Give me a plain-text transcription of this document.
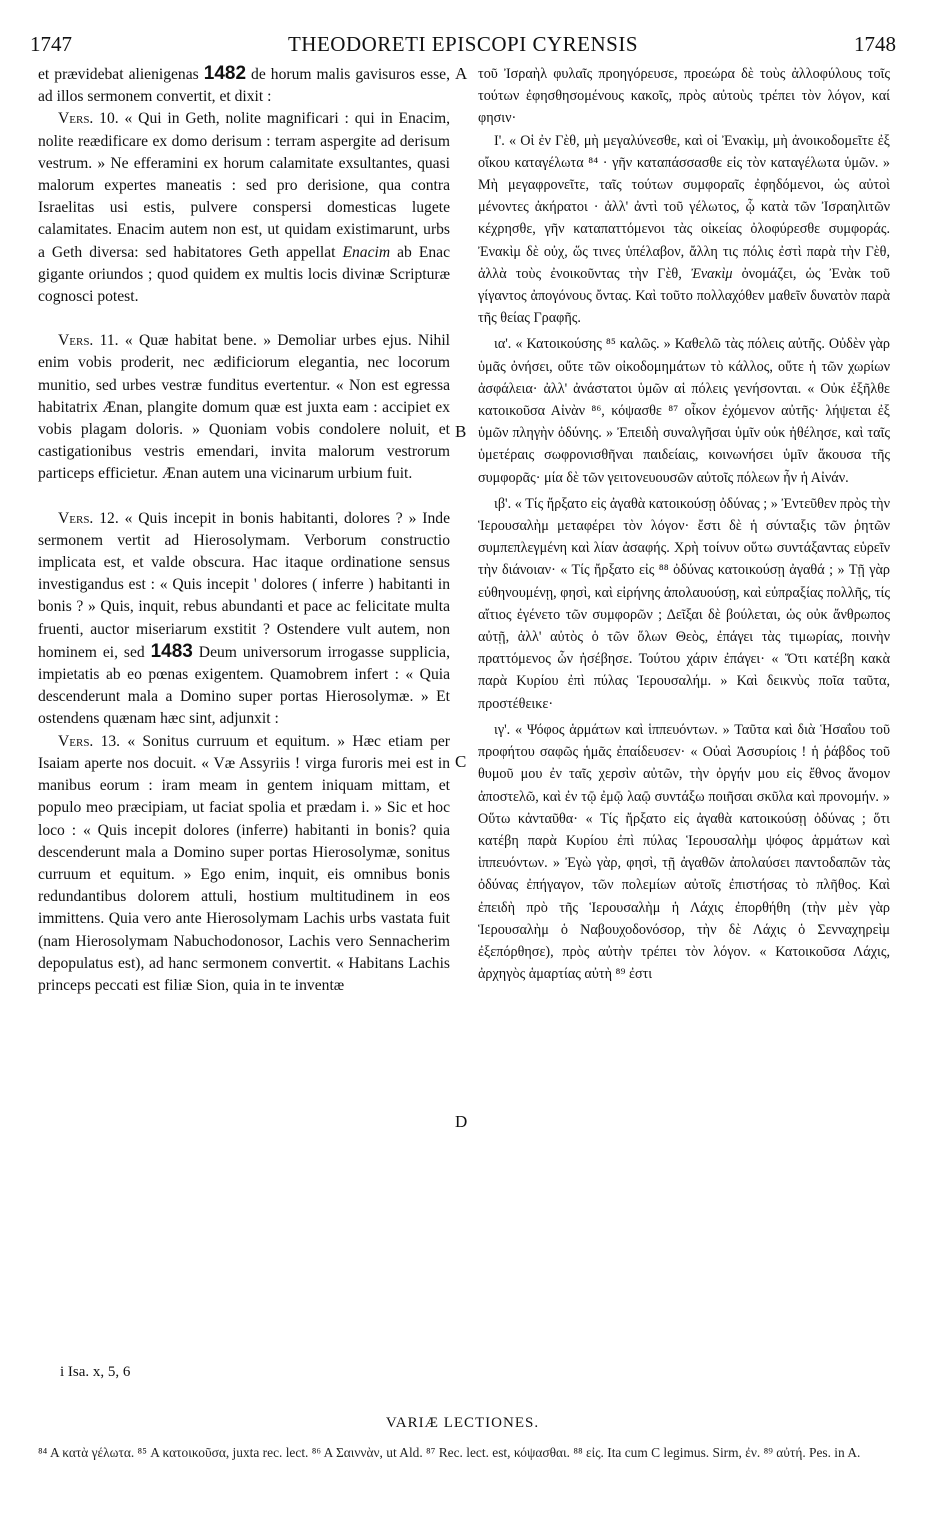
1747	THEODORETI EPISCOPI CYRENSIS	1748
A
B
C
D

et prævidebat alienigenas 1482 de horum malis gavisuros esse, ad illos sermonem convertit, et dixit :

Vers. 10. « Qui in Geth, nolite magnificari : qui in Enacim, nolite reædificare ex domo derisum : terram aspergite ad derisum vestrum. » Ne efferamini ex horum calamitate exsultantes, quasi malorum expertes maneatis : sed pro derisione, qua contra Israelitas usi estis, pulvere conspersi domesticas lugete calamitates. Enacim autem non est, ut quidam existimarunt, urbs a Geth diversa: sed habitatores Geth appellat Enacim ab Enac gigante oriundos ; quod quidem ex multis locis divinæ Scripturæ cognosci potest.

Vers. 11. « Quæ habitat bene. » Demoliar urbes ejus. Nihil enim vobis proderit, nec ædificiorum elegantia, nec locorum munitio, sed urbes vestræ funditus evertentur. « Non est egressa habitatrix Ænan, plangite domum quæ est juxta eam : accipiet ex vobis plagam doloris. » Quoniam vobis condolere noluit, et castigationibus vestris emendari, invita malorum vestrorum particeps efficietur. Ænan autem una vicinarum urbium fuit.

Vers. 12. « Quis incepit in bonis habitanti, dolores ? » Inde sermonem vertit ad Hierosolymam. Verborum constructio implicata est, et valde obscura. Hac itaque ordinatione sensus investigandus est : « Quis incepit ' dolores ( inferre ) habitanti in bonis ? » Quis, inquit, rebus abundanti et pace ac felicitate multa fruenti, auctor miseriarum exstitit ? Ostendere vult autem, non hominem ei, sed 1483 Deum universorum irrogasse supplicia, impietatis ab eo pœnas exigentem. Quamobrem infert : « Quia descenderunt mala a Domino super portas Hierosolymæ. » Et ostendens quænam hæc sint, adjunxit :

Vers. 13. « Sonitus curruum et equitum. » Hæc etiam per Isaiam aperte nos docuit. « Væ Assyriis ! virga furoris mei est in manibus eorum : iram meam in gentem iniquam mittam, et populo meo præcipiam, ut faciat spolia et prædam i. » Sic et hoc loco : « Quis incepit dolores (inferre) habitanti in bonis? quia descenderunt mala a Domino super portas Hierosolymæ, sonitus curruum et equitum. » Ego enim, inquit, eis omnibus bonis redundantibus dolorem attuli, hostium multitudinem in eos immittens. Quia vero ante Hierosolymam Lachis urbs vastata fuit (nam Hierosolymam Nabuchodonosor, Lachis vero Sennacherim depopulatus est), ad hanc sermonem convertit. « Habitans Lachis princeps peccati est filiæ Sion, quia in te inventæ

τοῦ Ἰσραὴλ φυλαῖς προηγόρευσε, προεώρα δὲ τοὺς ἀλλοφύλους τοῖς τούτων ἐφησθησομένους κακοῖς, πρὸς αὐτοὺς τρέπει τὸν λόγον, καί φησιν·

Ι'. « Οἱ ἐν Γὲθ, μὴ μεγαλύνεσθε, καὶ οἱ Ἐνακὶμ, μὴ ἀνοικοδομεῖτε ἐξ οἴκου καταγέλωτα ⁸⁴ · γῆν καταπάσσασθε εἰς τὸν καταγέλωτα ὑμῶν. » Μὴ μεγαφρονεῖτε, ταῖς τούτων συμφοραῖς ἐφηδόμενοι, ὡς αὐτοὶ μένοντες ἀκήρατοι · ἀλλ' ἀντὶ τοῦ γέλωτος, ᾧ κατὰ τῶν Ἰσραηλιτῶν κέχρησθε, γῆν καταπαττόμενοι τὰς οἰκείας ὀλοφύρεσθε συμφοράς. Ἐνακὶμ δὲ οὐχ, ὥς τινες ὑπέλαβον, ἄλλη τις πόλις ἐστὶ παρὰ τὴν Γὲθ, ἀλλὰ τοὺς ἐνοικοῦντας τὴν Γὲθ, Ἐνακὶμ ὀνομάζει, ὡς Ἐνὰκ τοῦ γίγαντος ἀπογόνους ὄντας. Καὶ τοῦτο πολλαχόθεν μαθεῖν δυνατὸν παρὰ τῆς θείας Γραφῆς.

ια'. « Κατοικούσης ⁸⁵ καλῶς. » Καθελῶ τὰς πόλεις αὐτῆς. Οὐδὲν γὰρ ὑμᾶς ὀνήσει, οὔτε τῶν οἰκοδομημάτων τὸ κάλλος, οὔτε ἡ τῶν χωρίων ἀσφάλεια· ἀλλ' ἀνάστατοι ὑμῶν αἱ πόλεις γενήσονται. « Οὐκ ἐξῆλθε κατοικοῦσα Αἰνὰν ⁸⁶, κόψασθε ⁸⁷ οἶκον ἐχόμενον αὐτῆς· λήψεται ἐξ ὑμῶν πληγὴν ὀδύνης. » Ἐπειδὴ συναλγῆσαι ὑμῖν οὐκ ἠθέλησε, καὶ ταῖς ὑμετέραις σωφρονισθῆναι παιδείαις, κοινωνήσει ὑμῖν ἄκουσα τῆς συμφορᾶς· μία δὲ τῶν γειτονευουσῶν αὐτοῖς πόλεων ἦν ἡ Αἰνάν.

ιβ'. « Τίς ἤρξατο εἰς ἀγαθὰ κατοικούσῃ ὀδύνας ; » Ἐντεῦθεν πρὸς τὴν Ἱερουσαλὴμ μεταφέρει τὸν λόγον· ἔστι δὲ ἡ σύνταξις τῶν ῥητῶν συμπεπλεγμένη καὶ λίαν ἀσαφής. Χρὴ τοίνυν οὕτω συντάξαντας εὑρεῖν τὴν διάνοιαν· « Τίς ἤρξατο εἰς ⁸⁸ ὀδύνας κατοικούσῃ ἀγαθά ; » Τῇ γὰρ εὐθηνουμένῃ, φησὶ, καὶ εἰρήνης ἀπολαυούσῃ, καὶ εὐπραξίας πολλῆς, τίς αἴτιος ἐγένετο τῶν συμφορῶν ; Δεῖξαι δὲ βούλεται, ὡς οὐκ ἄνθρωπος αὐτῇ, ἀλλ' αὐτὸς ὁ τῶν ὅλων Θεὸς, ἐπάγει τὰς τιμωρίας, ποινὴν πραττόμενος ὧν ἠσέβησε. Τούτου χάριν ἐπάγει· « Ὅτι κατέβη κακὰ παρὰ Κυρίου ἐπὶ πύλας Ἱερουσαλήμ. » Καὶ δεικνὺς ποῖα ταῦτα, προστέθεικε·

ιγ'. « Ψόφος ἁρμάτων καὶ ἱππευόντων. » Ταῦτα καὶ διὰ Ἡσαΐου τοῦ προφήτου σαφῶς ἡμᾶς ἐπαίδευσεν· « Οὐαὶ Ἀσσυρίοις ! ἡ ῥάβδος τοῦ θυμοῦ μου ἐν ταῖς χερσὶν αὐτῶν, τὴν ὀργήν μου εἰς ἔθνος ἄνομον ἀποστελῶ, καὶ ἐν τῷ ἐμῷ λαῷ συντάξω ποιῆσαι σκῦλα καὶ προνομήν. » Οὕτω κἀνταῦθα· « Τίς ἤρξατο εἰς ἀγαθὰ κατοικούσῃ ὀδύνας ; ὅτι κατέβη παρὰ Κυρίου ἐπὶ πύλας Ἱερουσαλὴμ ψόφος ἁρμάτων καὶ ἱππευόντων. » Ἐγὼ γὰρ, φησὶ, τῇ ἀγαθῶν ἀπολαύσει παντοδαπῶν τὰς ὀδύνας ἐπήγαγον, τῶν πολεμίων αὐτοῖς ἐπιστήσας τὸ πλῆθος. Καὶ ἐπειδὴ πρὸ τῆς Ἱερουσαλὴμ ἡ Λάχις ἐπορθήθη (τὴν μὲν γὰρ Ἱερουσαλὴμ ὁ Ναβουχοδονόσορ, τὴν δὲ Λάχις ὁ Σενναχηρεὶμ ἐξεπόρθησε), πρὸς αὐτὴν τρέπει τὸν λόγον. « Κατοικοῦσα Λάχις, ἀρχηγὸς ἁμαρτίας αὐτὴ ⁸⁹ ἐστι

i Isa. x, 5, 6
VARIÆ LECTIONES.
⁸⁴ A κατὰ γέλωτα. ⁸⁵ A κατοικοῦσα, juxta rec. lect. ⁸⁶ A Σαιννὰν, ut Ald. ⁸⁷ Rec. lect. est, κόψασθαι. ⁸⁸ εἰς. Ita cum C legimus. Sirm, ἐν. ⁸⁹ αὐτή. Pes. in A.
